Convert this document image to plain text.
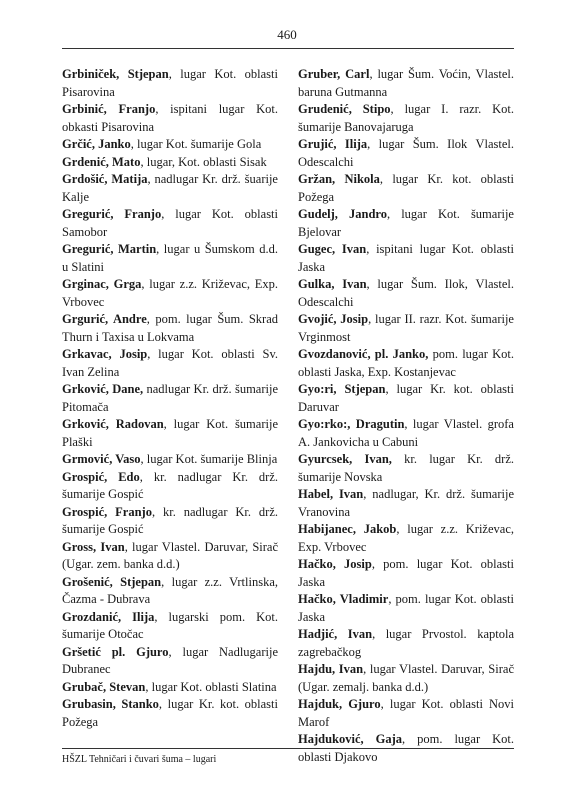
460

Grbiniček, Stjepan, lugar Kot. oblasti Pisarovina

Grbinić, Franjo, ispitani lugar Kot. obkasti Pisarovina

Grčić, Janko, lugar Kot. šumarije Gola

Grdenić, Mato, lugar, Kot. oblasti Sisak

Grdošić, Matija, nadlugar Kr. drž. šuarije Kalje

Gregurić, Franjo, lugar Kot. oblasti Samobor

Gregurić, Martin, lugar u Šumskom d.d. u Slatini

Grginac, Grga, lugar z.z. Križevac, Exp. Vrbovec

Grgurić, Andre, pom. lugar Šum. Skrad Thurn i Taxisa u Lokvama

Grkavac, Josip, lugar Kot. oblasti Sv. Ivan Zelina

Grković, Dane, nadlugar Kr. drž. šumarije Pitomača

Grković, Radovan, lugar Kot. šumarije Plaški

Grmović, Vaso, lugar Kot. šumarije Blinja

Grospić, Edo, kr. nadlugar Kr. drž. šumarije Gospić

Grospić, Franjo, kr. nadlugar Kr. drž. šumarije Gospić

Gross, Ivan, lugar Vlastel. Daruvar, Sirač (Ugar. zem. banka d.d.)

Grošenić, Stjepan, lugar z.z. Vrtlinska, Čazma - Dubrava

Grozdanić, Ilija, lugarski pom. Kot. šumarije Otočac

Gršetić pl. Gjuro, lugar Nadlugarije Dubranec

Grubač, Stevan, lugar Kot. oblasti Slatina

Grubasin, Stanko, lugar Kr. kot. oblasti Požega

Gruber, Carl, lugar Šum. Voćin, Vlastel. baruna Gutmanna

Grudenić, Stipo, lugar I. razr. Kot. šumarije Banovajaruga

Grujić, Ilija, lugar Šum. Ilok Vlastel. Odescalchi

Gržan, Nikola, lugar Kr. kot. oblasti Požega

Gudelj, Jandro, lugar Kot. šumarije Bjelovar

Gugec, Ivan, ispitani lugar Kot. oblasti Jaska

Gulka, Ivan, lugar Šum. Ilok, Vlastel. Odescalchi

Gvojić, Josip, lugar II. razr. Kot. šumarije Vrginmost

Gvozdanović, pl. Janko, pom. lugar Kot. oblasti Jaska, Exp. Kostanjevac

Gyo:ri, Stjepan, lugar Kr. kot. oblasti Daruvar

Gyo:rko:, Dragutin, lugar Vlastel. grofa A. Jankovicha u Cabuni

Gyurcsek, Ivan, kr. lugar Kr. drž. šumarije Novska

Habel, Ivan, nadlugar, Kr. drž. šumarije Vranovina

Habijanec, Jakob, lugar z.z. Križevac, Exp. Vrbovec

Hačko, Josip, pom. lugar Kot. oblasti Jaska

Hačko, Vladimir, pom. lugar Kot. oblasti Jaska

Hadjić, Ivan, lugar Prvostol. kaptola zagrebačkog

Hajdu, Ivan, lugar Vlastel. Daruvar, Sirač (Ugar. zemalj. banka d.d.)

Hajduk, Gjuro, lugar Kot. oblasti Novi Marof

Hajduković, Gaja, pom. lugar Kot. oblasti Djakovo

HŠZL Tehničari i čuvari šuma – lugari
